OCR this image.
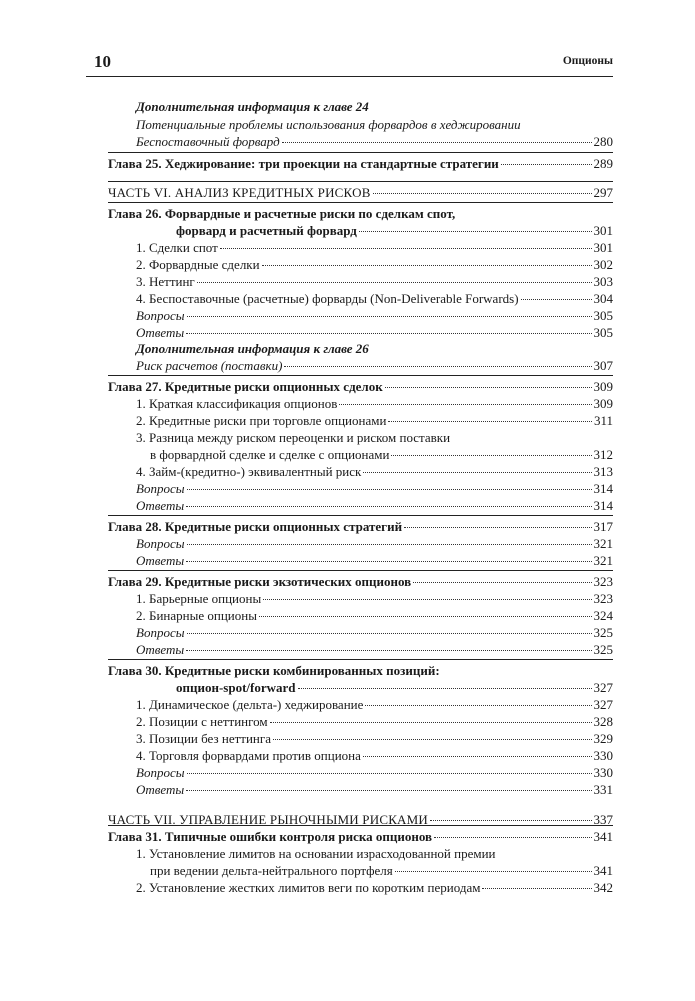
10	Опционы
Дополнительная информация к главе 24
Потенциальные проблемы использования форвардов в хеджировании
Беспоставочный форвард	280
Глава 25. Хеджирование: три проекции на стандартные стратегии	289
ЧАСТЬ VI. АНАЛИЗ КРЕДИТНЫХ РИСКОВ	297
Глава 26. Форвардные и расчетные риски по сделкам спот,
форвард и расчетный форвард	301
1. Сделки спот	301
2. Форвардные сделки	302
3. Неттинг	303
4. Беспоставочные (расчетные) форварды (Non-Deliverable Forwards)	304
Вопросы	305
Ответы	305
Дополнительная информация к главе 26
Риск расчетов (поставки)	307
Глава 27. Кредитные риски опционных сделок	309
1. Краткая классификация опционов	309
2. Кредитные риски при торговле опционами	311
3. Разница между риском переоценки и риском поставки
в форвардной сделке и сделке с опционами	312
4. Займ-(кредитно-) эквивалентный риск	313
Вопросы	314
Ответы	314
Глава 28. Кредитные риски опционных стратегий	317
Вопросы	321
Ответы	321
Глава 29. Кредитные риски экзотических опционов	323
1. Барьерные опционы	323
2. Бинарные опционы	324
Вопросы	325
Ответы	325
Глава 30. Кредитные риски комбинированных позиций:
опцион-spot/forward	327
1. Динамическое (дельта-) хеджирование	327
2. Позиции с неттингом	328
3. Позиции без неттинга	329
4. Торговля форвардами против опциона	330
Вопросы	330
Ответы	331
ЧАСТЬ VII. УПРАВЛЕНИЕ РЫНОЧНЫМИ РИСКАМИ	337
Глава 31. Типичные ошибки контроля риска опционов	341
1. Установление лимитов на основании израсходованной премии
при ведении дельта-нейтрального портфеля	341
2. Установление жестких лимитов веги по коротким периодам	342
